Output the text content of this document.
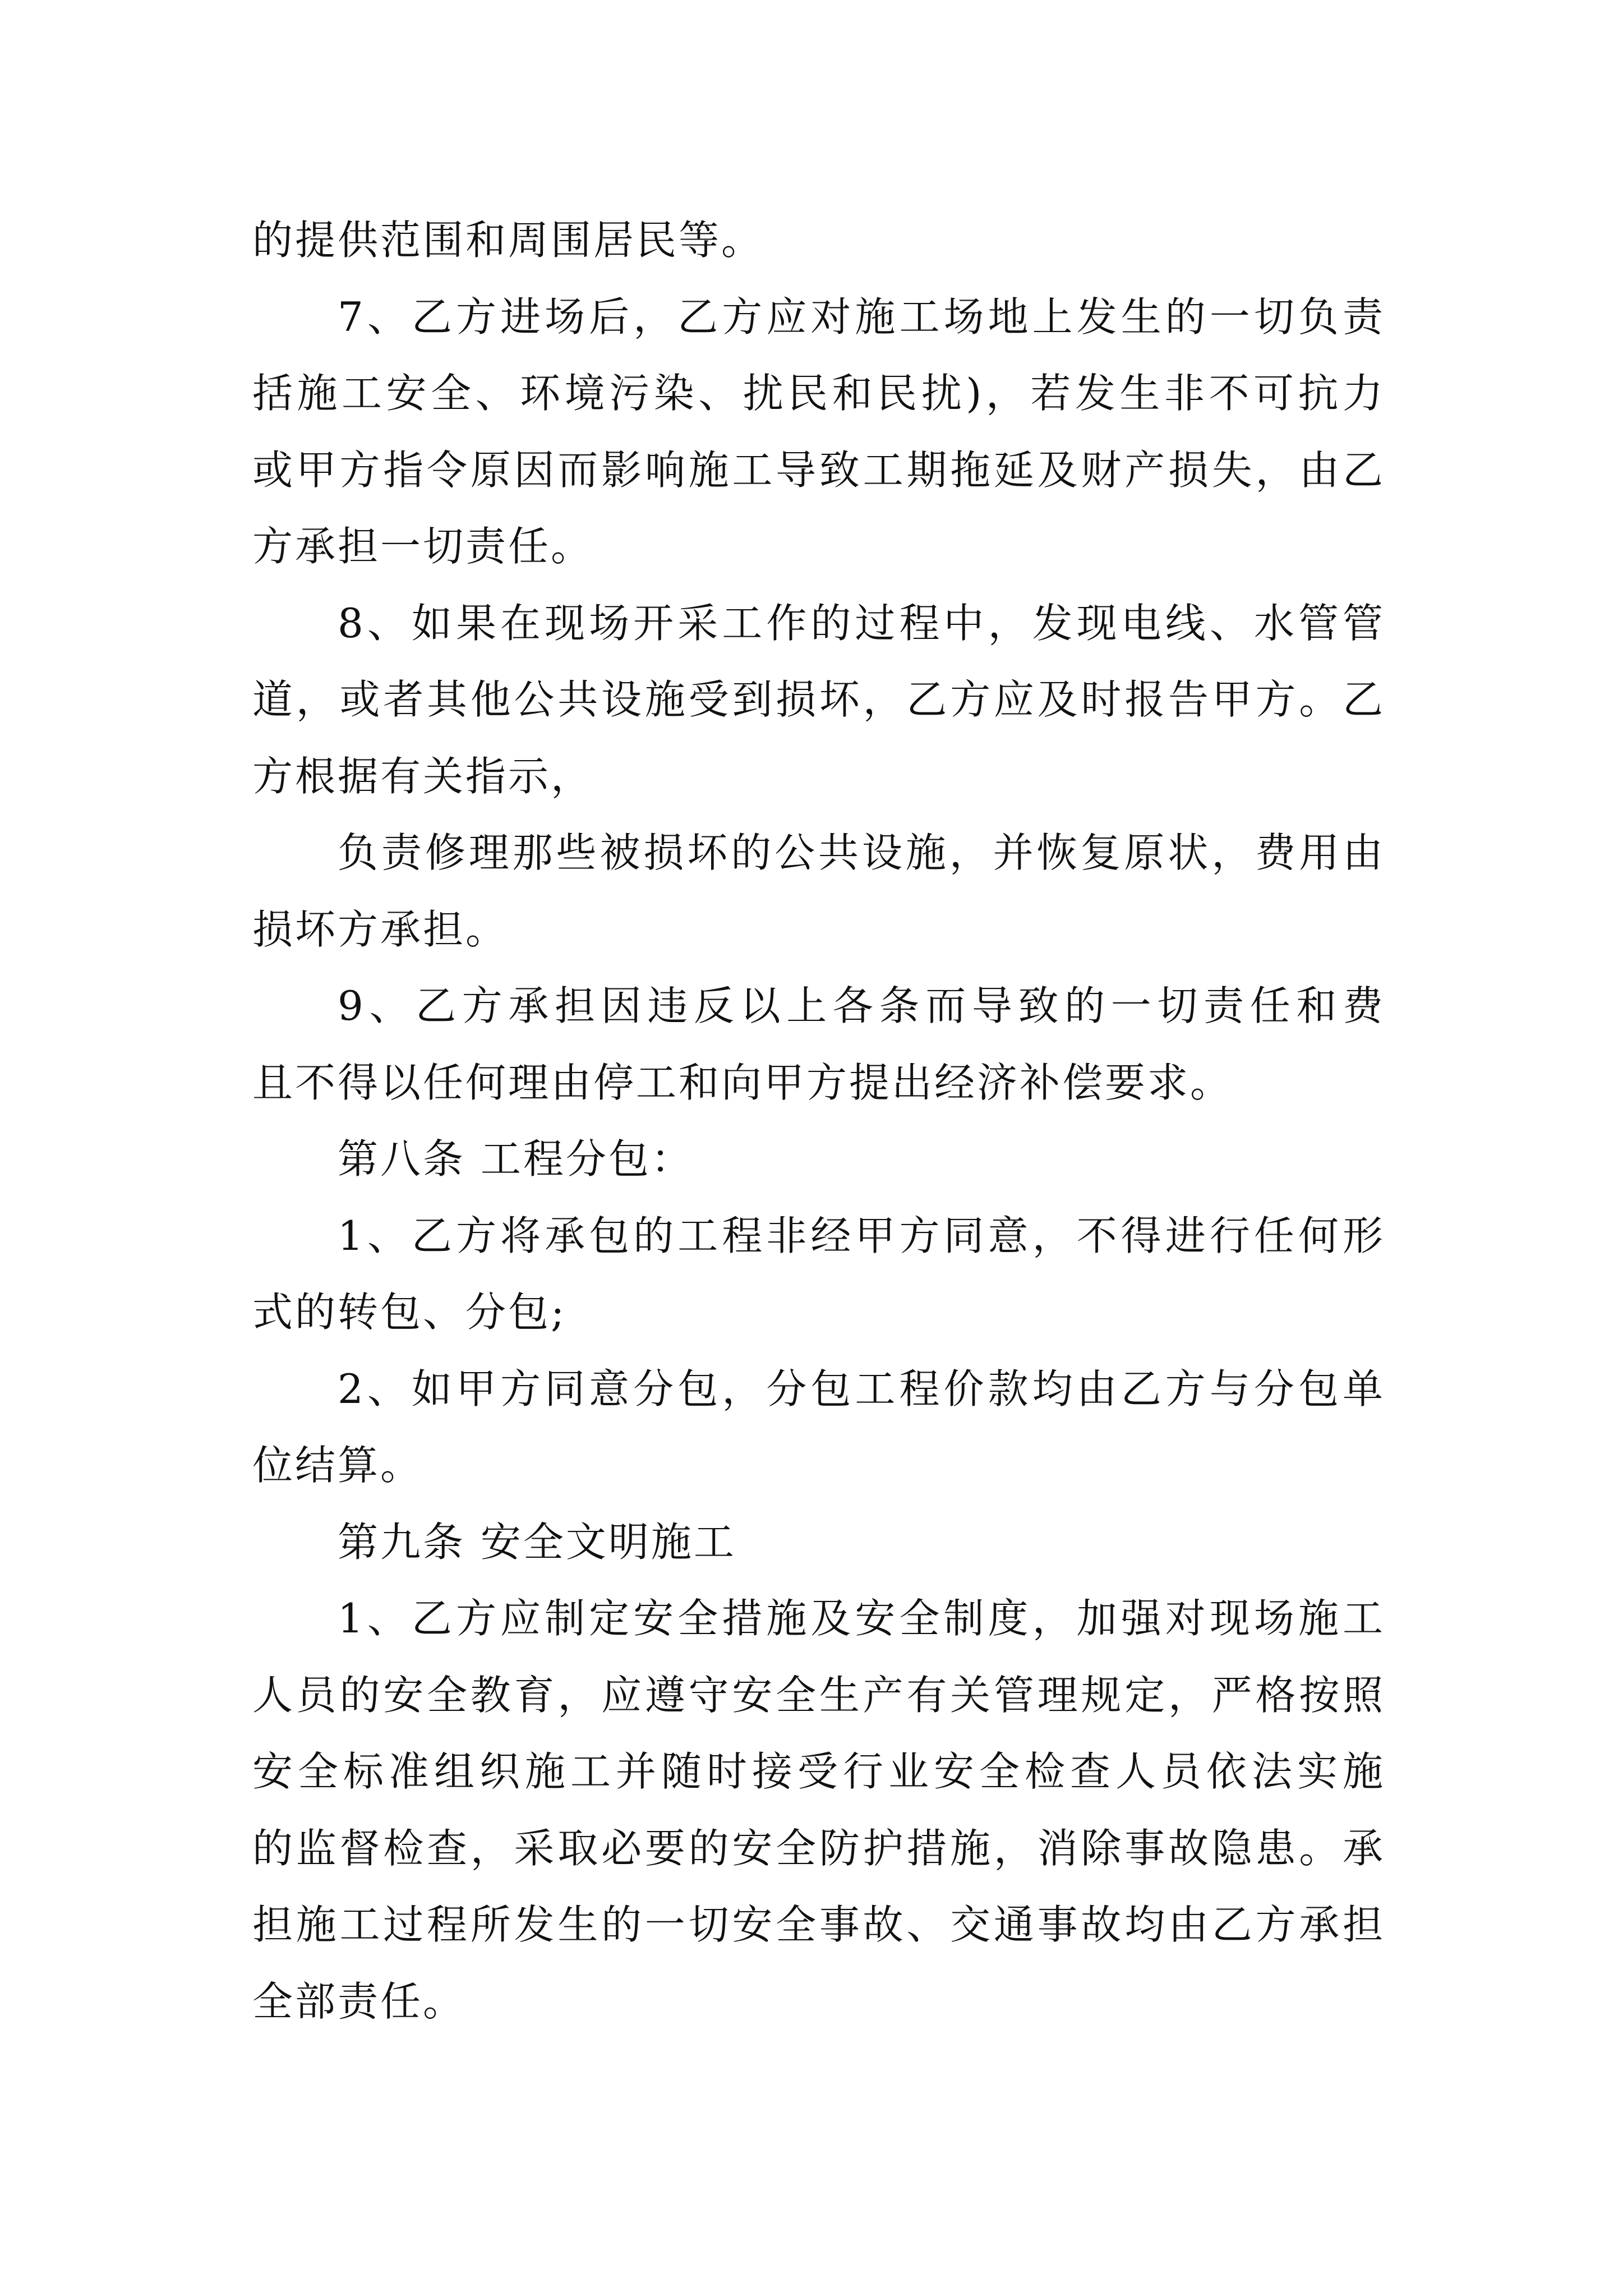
的提供范围和周围居民等。
7、乙方进场后，乙方应对施工场地上发生的一切负责
括施工安全、环境污染、扰民和民扰)，若发生非不可抗力
或甲方指令原因而影响施工导致工期拖延及财产损失，由乙
方承担一切责任。
8、如果在现场开采工作的过程中，发现电线、水管管
道，或者其他公共设施受到损坏，乙方应及时报告甲方。乙
方根据有关指示，
负责修理那些被损坏的公共设施，并恢复原状，费用由
损坏方承担。
9、乙方承担因违反以上各条而导致的一切责任和费
且不得以任何理由停工和向甲方提出经济补偿要求。
第八条 工程分包：
1、乙方将承包的工程非经甲方同意，不得进行任何形
式的转包、分包;
2、如甲方同意分包，分包工程价款均由乙方与分包单
位结算。
第九条 安全文明施工
1、乙方应制定安全措施及安全制度，加强对现场施工
人员的安全教育，应遵守安全生产有关管理规定，严格按照
安全标准组织施工并随时接受行业安全检查人员依法实施
的监督检查，采取必要的安全防护措施，消除事故隐患。承
担施工过程所发生的一切安全事故、交通事故均由乙方承担
全部责任。
